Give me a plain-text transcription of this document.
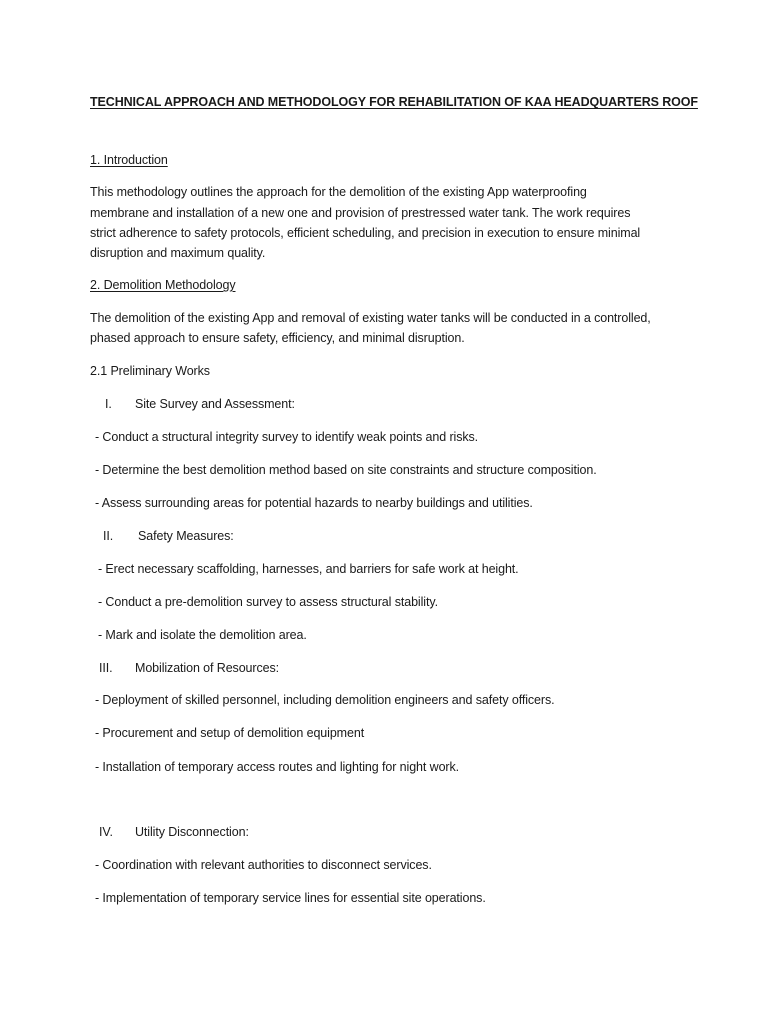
TECHNICAL APPROACH AND METHODOLOGY FOR REHABILITATION OF KAA HEADQUARTERS ROOF
1. Introduction
This methodology outlines the approach for the demolition of the existing App waterproofing
membrane and installation of a new one and provision of prestressed water tank. The work requires
strict adherence to safety protocols, efficient scheduling, and precision in execution to ensure minimal
disruption and maximum quality.
2. Demolition Methodology
The demolition of the existing App and removal of existing water tanks will be conducted in a controlled,
phased approach to ensure safety, efficiency, and minimal disruption.
2.1 Preliminary Works
I. Site Survey and Assessment:
- Conduct a structural integrity survey to identify weak points and risks.
- Determine the best demolition method based on site constraints and structure composition.
- Assess surrounding areas for potential hazards to nearby buildings and utilities.
II. Safety Measures:
- Erect necessary scaffolding, harnesses, and barriers for safe work at height.
- Conduct a pre-demolition survey to assess structural stability.
- Mark and isolate the demolition area.
III. Mobilization of Resources:
- Deployment of skilled personnel, including demolition engineers and safety officers.
- Procurement and setup of demolition equipment
- Installation of temporary access routes and lighting for night work.
IV. Utility Disconnection:
- Coordination with relevant authorities to disconnect services.
- Implementation of temporary service lines for essential site operations.
